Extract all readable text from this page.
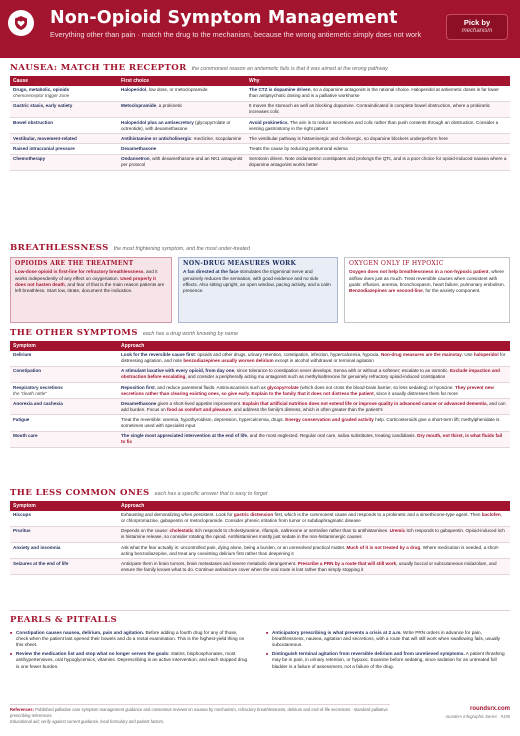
Non-Opioid Symptom Management
Everything other than pain · match the drug to the mechanism, because the wrong antiemetic simply does not work
Pick by
mechanism
NAUSEA: MATCH THE RECEPTOR the commonest reason an antiemetic fails is that it was aimed at the wrong pathway
Cause	First choice	Why
Drugs, metabolic, opioids
chemoreceptor trigger zone	Haloperidol, low dose, or metoclopramide	The CTZ is dopamine driven, so a dopamine antagonist is the rational choice. Haloperidol at antiemetic doses is far lower than antipsychotic dosing and is a palliative workhorse
Gastric stasis, early satiety	Metoclopramide, a prokinetic	It moves the stomach as well as blocking dopamine. Contraindicated in complete bowel obstruction, where a prokinetic increases colic
Bowel obstruction	Haloperidol plus an antisecretory (glycopyrrolate or octreotide), with dexamethasone	Avoid prokinetics. The aim is to reduce secretions and colic rather than push contents through an obstruction. Consider a venting gastrostomy in the right patient
Vestibular, movement-related	Antihistamine or anticholinergic: meclizine, scopolamine	The vestibular pathway is histaminergic and cholinergic, so dopamine blockers underperform here
Raised intracranial pressure	Dexamethasone	Treats the cause by reducing peritumoral edema
Chemotherapy	Ondansetron, with dexamethasone and an NK1 antagonist per protocol	Serotonin driven. Note ondansetron constipates and prolongs the QTc, and is a poor choice for opioid-induced nausea where a dopamine antagonist works better
BREATHLESSNESS the most frightening symptom, and the most under-treated
OPIOIDS ARE THE TREATMENT
Low-dose opioid is first-line for refractory breathlessness, and it works independently of any effect on oxygenation. Used properly it does not hasten death, and fear of that is the main reason patients are left breathless. Start low, titrate, document the indication.
NON-DRUG MEASURES WORK
A fan directed at the face stimulates the trigeminal nerve and genuinely reduces the sensation, with good evidence and no side effects. Also sitting upright, an open window, pacing activity, and a calm presence.
OXYGEN ONLY IF HYPOXIC
Oxygen does not help breathlessness in a non-hypoxic patient, where airflow does just as much. Treat reversible causes when consistent with goals: effusion, anemia, bronchospasm, heart failure, pulmonary embolism. Benzodiazepines are second-line, for the anxiety component.
THE OTHER SYMPTOMS each has a drug worth knowing by name
Symptom	Approach
Delirium	Look for the reversible cause first: opioids and other drugs, urinary retention, constipation, infection, hypercalcemia, hypoxia. Non-drug measures are the mainstay. Use haloperidol for distressing agitation, and note benzodiazepines usually worsen delirium except in alcohol withdrawal or terminal agitation
Constipation	A stimulant laxative with every opioid, from day one, since tolerance to constipation never develops. Senna with or without a softener; escalate to an osmotic. Exclude impaction and obstruction before escalating, and consider a peripherally acting mu antagonist such as methylnaltrexone for genuinely refractory opioid-induced constipation
Respiratory secretions
the "death rattle"	Reposition first, and reduce parenteral fluids. Antimuscarinics such as glycopyrrolate (which does not cross the blood-brain barrier, so less sedating) or hyoscine. They prevent new secretions rather than clearing existing ones, so give early. Explain to the family that it does not distress the patient, since it usually distresses them far more
Anorexia and cachexia	Dexamethasone gives a short-lived appetite improvement. Explain that artificial nutrition does not extend life or improve quality in advanced cancer or advanced dementia, and can add burden. Focus on food as comfort and pleasure, and address the family's distress, which is often greater than the patient's
Fatigue	Treat the reversible: anemia, hypothyroidism, depression, hypercalcemia, drugs. Energy conservation and graded activity help. Corticosteroids give a short-term lift; methylphenidate is sometimes used with specialist input
Mouth care	The single most appreciated intervention at the end of life, and the most neglected. Regular oral care, saliva substitutes, treating candidiasis. Dry mouth, not thirst, is what fluids fail to fix
THE LESS COMMON ONES each has a specific answer that is easy to forget
Symptom	Approach
Hiccups	Exhausting and demoralizing when persistent. Look for gastric distension first, which is the commonest cause and responds to a prokinetic and a simethicone-type agent. Then baclofen, or chlorpromazine, gabapentin or metoclopramide. Consider phrenic irritation from tumor or subdiaphragmatic disease
Pruritus	Depends on the cause: cholestatic itch responds to cholestyramine, rifampin, naltrexone or sertraline rather than to antihistamines. Uremic itch responds to gabapentin. Opioid-induced itch is histamine release, so consider rotating the opioid. Antihistamines mostly just sedate in the non-histaminergic causes
Anxiety and insomnia	Ask what the fear actually is: uncontrolled pain, dying alone, being a burden, or an unresolved practical matter. Much of it is not treated by a drug. Where medication is needed, a short-acting benzodiazepine, and treat any coexisting delirium first rather than deepening it
Seizures at the end of life	Anticipate them in brain tumors, brain metastases and severe metabolic derangement. Prescribe a PRN by a route that will still work, usually buccal or subcutaneous midazolam, and ensure the family knows what to do. Continue antiseizure cover when the oral route is lost rather than simply stopping it
PEARLS & PITFALLS
■ Constipation causes nausea, delirium, pain and agitation. Before adding a fourth drug for any of those, check when the patient last opened their bowels and do a rectal examination. This is the highest-yield thing on this sheet.
■ Review the medication list and stop what no longer serves the goals: statins, bisphosphonates, most antihypertensives, oral hypoglycemics, vitamins. Deprescribing is an active intervention, and each stopped drug is one fewer burden.
■ Anticipatory prescribing is what prevents a crisis at 2 a.m. Write PRN orders in advance for pain, breathlessness, nausea, agitation and secretions, with a route that will still work when swallowing fails, usually subcutaneous.
■ Distinguish terminal agitation from reversible delirium and from unrelieved symptoms. A patient thrashing may be in pain, in urinary retention, or hypoxic. Examine before sedating, since sedation for an untreated full bladder is a failure of assessment, not a failure of the drug.
References: Published palliative care symptom management guidance and consensus reviews on nausea by mechanism, refractory breathlessness, delirium and end-of-life secretions · standard palliative prescribing references.
Educational aid; verify against current guidance, local formulary and patient factors.
roundsrx.com
rounders Infographic Series · #190
